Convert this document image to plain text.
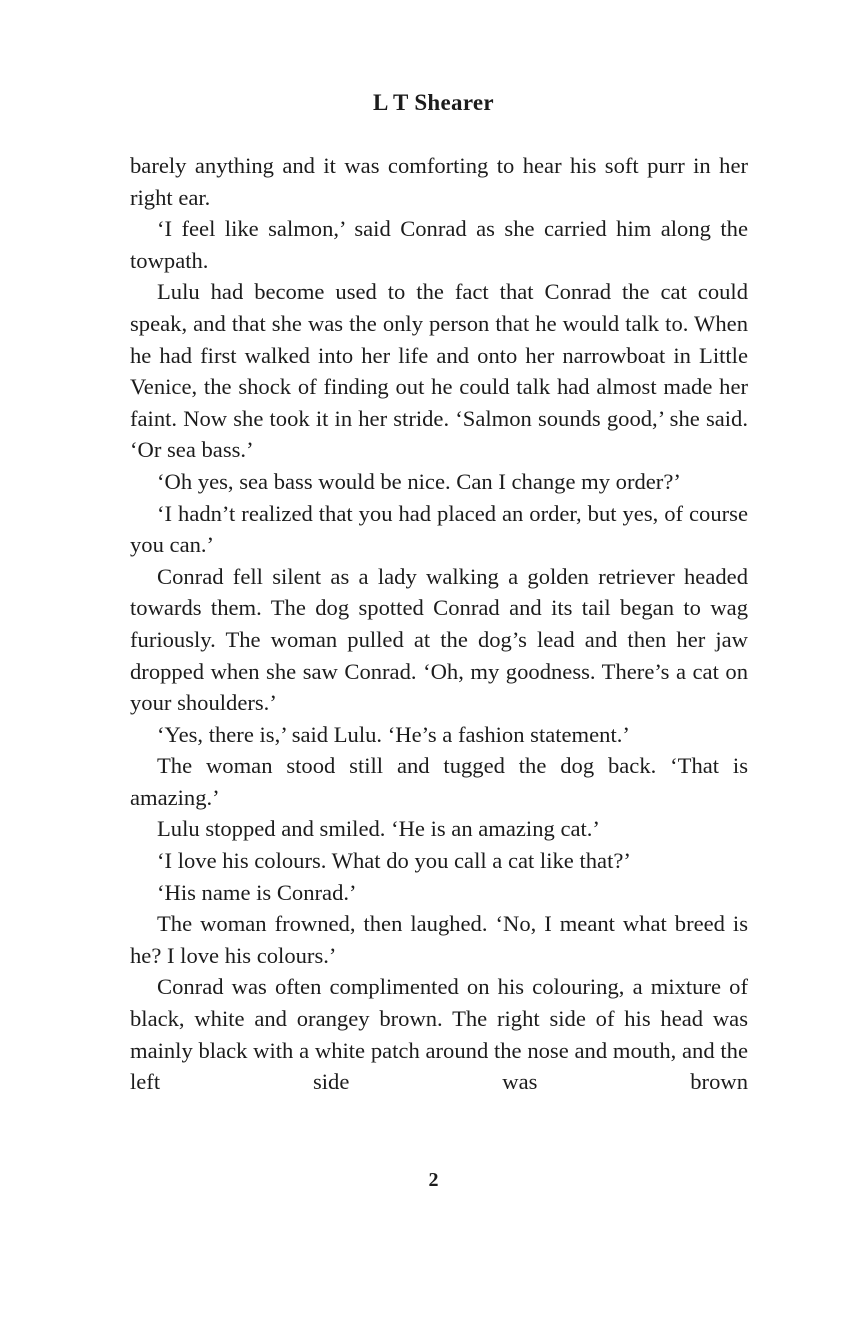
L T Shearer

barely anything and it was comforting to hear his soft purr in her right ear.

‘I feel like salmon,’ said Conrad as she carried him along the towpath.

Lulu had become used to the fact that Conrad the cat could speak, and that she was the only person that he would talk to. When he had first walked into her life and onto her narrowboat in Little Venice, the shock of finding out he could talk had almost made her faint. Now she took it in her stride. ‘Salmon sounds good,’ she said. ‘Or sea bass.’

‘Oh yes, sea bass would be nice. Can I change my order?’

‘I hadn’t realized that you had placed an order, but yes, of course you can.’

Conrad fell silent as a lady walking a golden retriever headed towards them. The dog spotted Conrad and its tail began to wag furiously. The woman pulled at the dog’s lead and then her jaw dropped when she saw Conrad. ‘Oh, my goodness. There’s a cat on your shoulders.’

‘Yes, there is,’ said Lulu. ‘He’s a fashion statement.’

The woman stood still and tugged the dog back. ‘That is amazing.’

Lulu stopped and smiled. ‘He is an amazing cat.’

‘I love his colours. What do you call a cat like that?’

‘His name is Conrad.’

The woman frowned, then laughed. ‘No, I meant what breed is he? I love his colours.’

Conrad was often complimented on his colouring, a mixture of black, white and orangey brown. The right side of his head was mainly black with a white patch around the nose and mouth, and the left side was brown

2
